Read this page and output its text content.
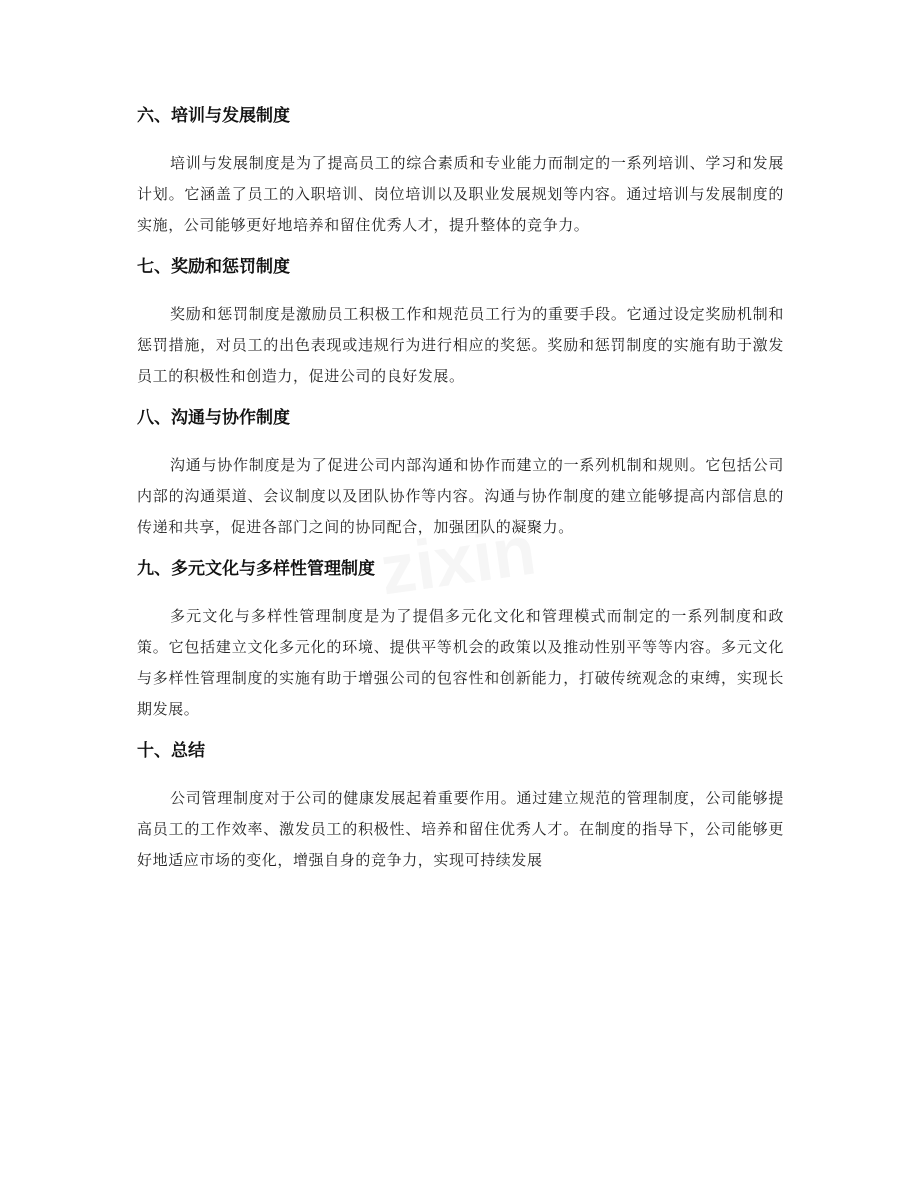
六、培训与发展制度

培训与发展制度是为了提高员工的综合素质和专业能力而制定的一系列培训、学习和发展计划。它涵盖了员工的入职培训、岗位培训以及职业发展规划等内容。通过培训与发展制度的实施，公司能够更好地培养和留住优秀人才，提升整体的竞争力。

七、奖励和惩罚制度

奖励和惩罚制度是激励员工积极工作和规范员工行为的重要手段。它通过设定奖励机制和惩罚措施，对员工的出色表现或违规行为进行相应的奖惩。奖励和惩罚制度的实施有助于激发员工的积极性和创造力，促进公司的良好发展。

八、沟通与协作制度

沟通与协作制度是为了促进公司内部沟通和协作而建立的一系列机制和规则。它包括公司内部的沟通渠道、会议制度以及团队协作等内容。沟通与协作制度的建立能够提高内部信息的传递和共享，促进各部门之间的协同配合，加强团队的凝聚力。

九、多元文化与多样性管理制度

多元文化与多样性管理制度是为了提倡多元化文化和管理模式而制定的一系列制度和政策。它包括建立文化多元化的环境、提供平等机会的政策以及推动性别平等等内容。多元文化与多样性管理制度的实施有助于增强公司的包容性和创新能力，打破传统观念的束缚，实现长期发展。

十、总结

公司管理制度对于公司的健康发展起着重要作用。通过建立规范的管理制度，公司能够提高员工的工作效率、激发员工的积极性、培养和留住优秀人才。在制度的指导下，公司能够更好地适应市场的变化，增强自身的竞争力，实现可持续发展
